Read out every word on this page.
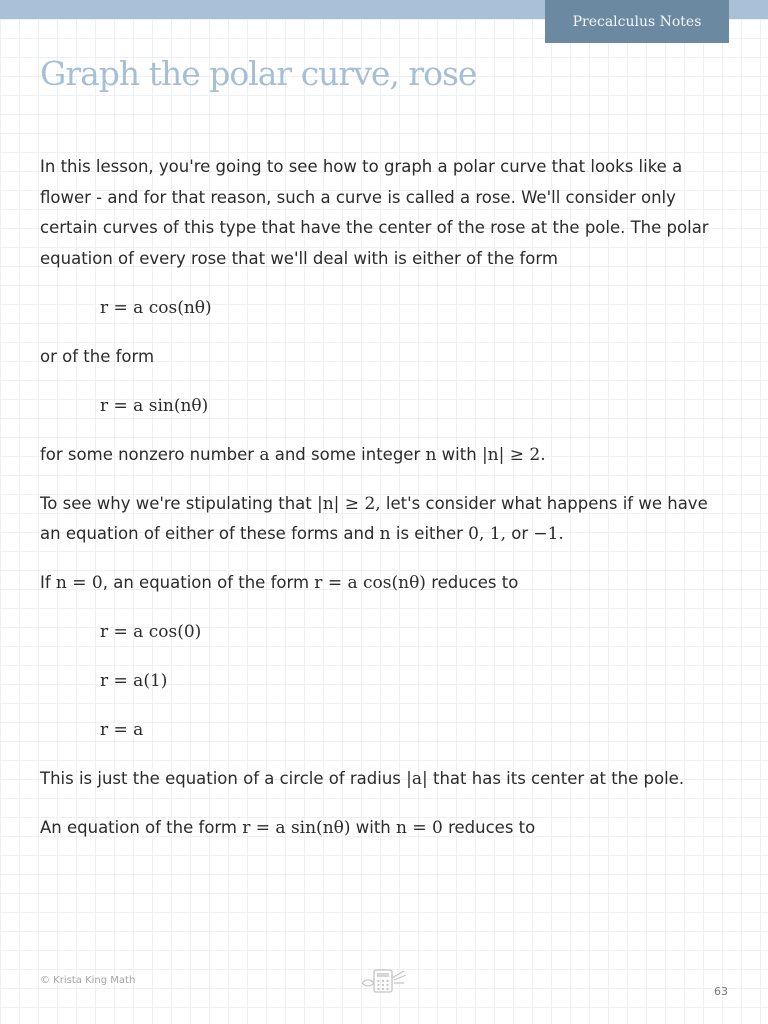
Precalculus Notes
Graph the polar curve, rose

In this lesson, you're going to see how to graph a polar curve that looks like a flower - and for that reason, such a curve is called a rose. We'll consider only certain curves of this type that have the center of the rose at the pole. The polar equation of every rose that we'll deal with is either of the form

r = a cos(nθ)

or of the form

r = a sin(nθ)

for some nonzero number a and some integer n with |n| ≥ 2.

To see why we're stipulating that |n| ≥ 2, let's consider what happens if we have an equation of either of these forms and n is either 0, 1, or −1.

If n = 0, an equation of the form r = a cos(nθ) reduces to

r = a cos(0)
r = a(1)
r = a

This is just the equation of a circle of radius |a| that has its center at the pole.

An equation of the form r = a sin(nθ) with n = 0 reduces to

© Krista King Math
63
